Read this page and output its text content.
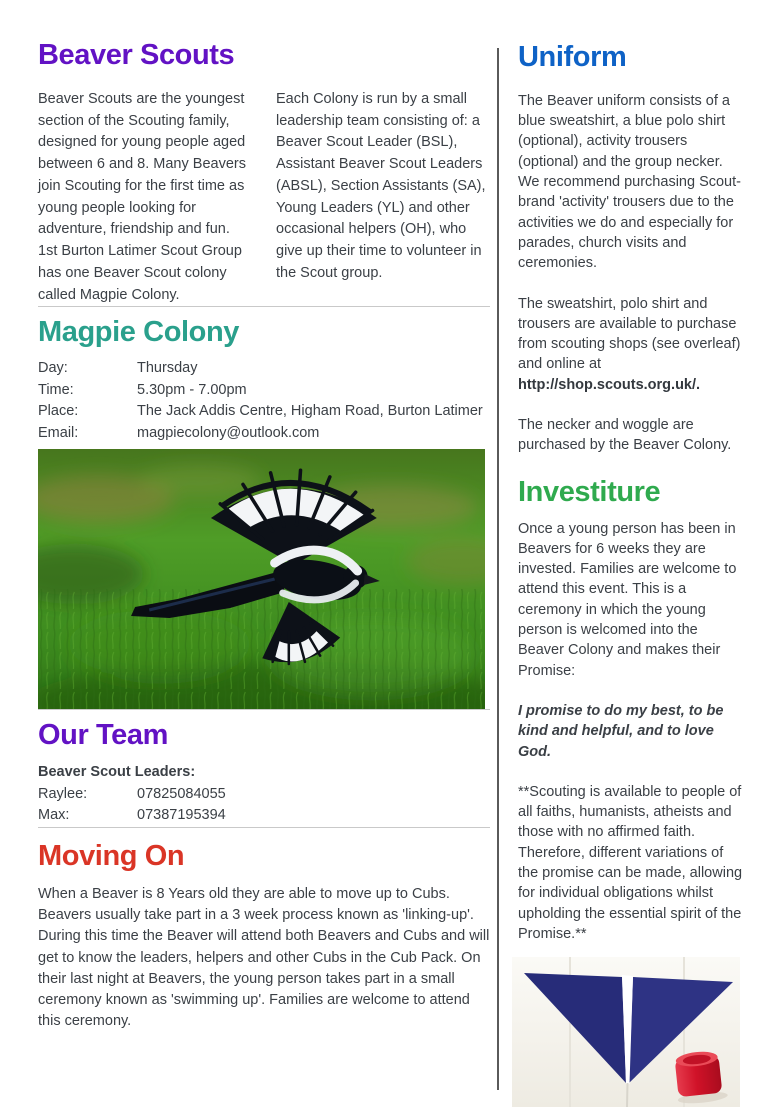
Beaver Scouts

Beaver Scouts are the youngest section of the Scouting family, designed for young people aged between 6 and 8. Many Beavers join Scouting for the first time as young people looking for adventure, friendship and fun. 1st Burton Latimer Scout Group has one Beaver Scout colony called Magpie Colony.

Each Colony is run by a small leadership team consisting of: a Beaver Scout Leader (BSL), Assistant Beaver Scout Leaders (ABSL), Section Assistants (SA), Young Leaders (YL) and other occasional helpers (OH), who give up their time to volunteer in the Scout group.

Magpie Colony
Day:	Thursday
Time:	5.30pm - 7.00pm
Place:	The Jack Addis Centre, Higham Road, Burton Latimer
Email:	magpiecolony@outlook.com
Our Team
Beaver Scout Leaders:
Raylee:	07825084055
Max:	07387195394
Moving On

When a Beaver is 8 Years old they are able to move up to Cubs. Beavers usually take part in a 3 week process known as 'linking-up'. During this time the Beaver will attend both Beavers and Cubs and will get to know the leaders, helpers and other Cubs in the Cub Pack. On their last night at Beavers, the young person takes part in a small ceremony known as 'swimming up'. Families are welcome to attend this ceremony.

Uniform

The Beaver uniform consists of a blue sweatshirt, a blue polo shirt (optional), activity trousers (optional) and the group necker. We recommend purchasing Scout-brand 'activity' trousers due to the activities we do and especially for parades, church visits and ceremonies.

The sweatshirt, polo shirt and trousers are available to purchase from scouting shops (see overleaf) and online at http://shop.scouts.org.uk/.

The necker and woggle are purchased by the Beaver Colony.

Investiture

Once a young person has been in Beavers for 6 weeks they are invested. Families are welcome to attend this event. This is a ceremony in which the young person is welcomed into the Beaver Colony and makes their Promise:

I promise to do my best, to be kind and helpful, and to love God.

**Scouting is available to people of all faiths, humanists, atheists and those with no affirmed faith. Therefore, different variations of the promise can be made, allowing for individual obligations whilst upholding the essential spirit of the Promise.**
